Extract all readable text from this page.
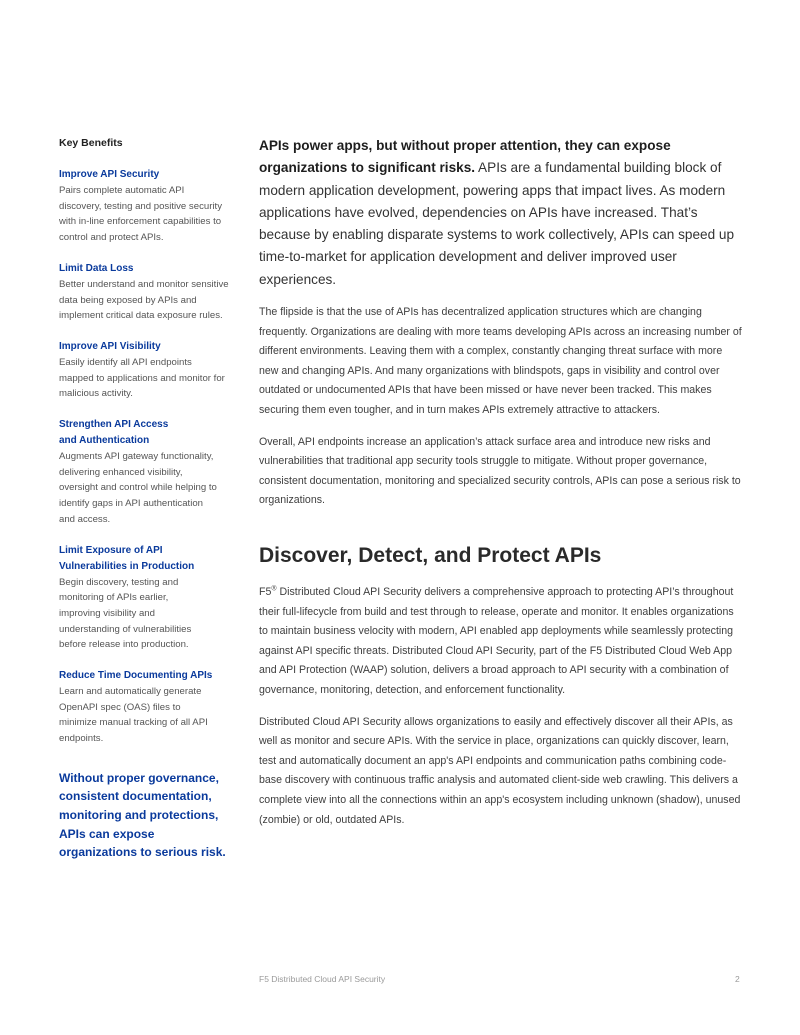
Key Benefits
Improve API Security
Pairs complete automatic API discovery, testing and positive security with in-line enforcement capabilities to control and protect APIs.
Limit Data Loss
Better understand and monitor sensitive data being exposed by APIs and implement critical data exposure rules.
Improve API Visibility
Easily identify all API endpoints mapped to applications and monitor for malicious activity.
Strengthen API Access and Authentication
Augments API gateway functionality, delivering enhanced visibility, oversight and control while helping to identify gaps in API authentication and access.
Limit Exposure of API Vulnerabilities in Production
Begin discovery, testing and monitoring of APIs earlier, improving visibility and understanding of vulnerabilities before release into production.
Reduce Time Documenting APIs
Learn and automatically generate OpenAPI spec (OAS) files to minimize manual tracking of all API endpoints.
Without proper governance, consistent documentation, monitoring and protections, APIs can expose organizations to serious risk.

APIs power apps, but without proper attention, they can expose organizations to significant risks. APIs are a fundamental building block of modern application development, powering apps that impact lives. As modern applications have evolved, dependencies on APIs have increased. That’s because by enabling disparate systems to work collectively, APIs can speed up time-to-market for application development and deliver improved user experiences.

The flipside is that the use of APIs has decentralized application structures which are changing frequently. Organizations are dealing with more teams developing APIs across an increasing number of different environments. Leaving them with a complex, constantly changing threat surface with more new and changing APIs. And many organizations with blindspots, gaps in visibility and control over outdated or undocumented APIs that have been missed or have never been tracked. This makes securing them even tougher, and in turn makes APIs extremely attractive to attackers.

Overall, API endpoints increase an application’s attack surface area and introduce new risks and vulnerabilities that traditional app security tools struggle to mitigate. Without proper governance, consistent documentation, monitoring and specialized security controls, APIs can pose a serious risk to organizations.

Discover, Detect, and Protect APIs

F5® Distributed Cloud API Security delivers a comprehensive approach to protecting API’s throughout their full-lifecycle from build and test through to release, operate and monitor. It enables organizations to maintain business velocity with modern, API enabled app deployments while seamlessly protecting against API specific threats. Distributed Cloud API Security, part of the F5 Distributed Cloud Web App and API Protection (WAAP) solution, delivers a broad approach to API security with a combination of governance, monitoring, detection, and enforcement functionality.

Distributed Cloud API Security allows organizations to easily and effectively discover all their APIs, as well as monitor and secure APIs. With the service in place, organizations can quickly discover, learn, test and automatically document an app's API endpoints and communication paths combining code-base discovery with continuous traffic analysis and automated client-side web crawling. This delivers a complete view into all the connections within an app's ecosystem including unknown (shadow), unused (zombie) or old, outdated APIs.

F5 Distributed Cloud API Security	2
